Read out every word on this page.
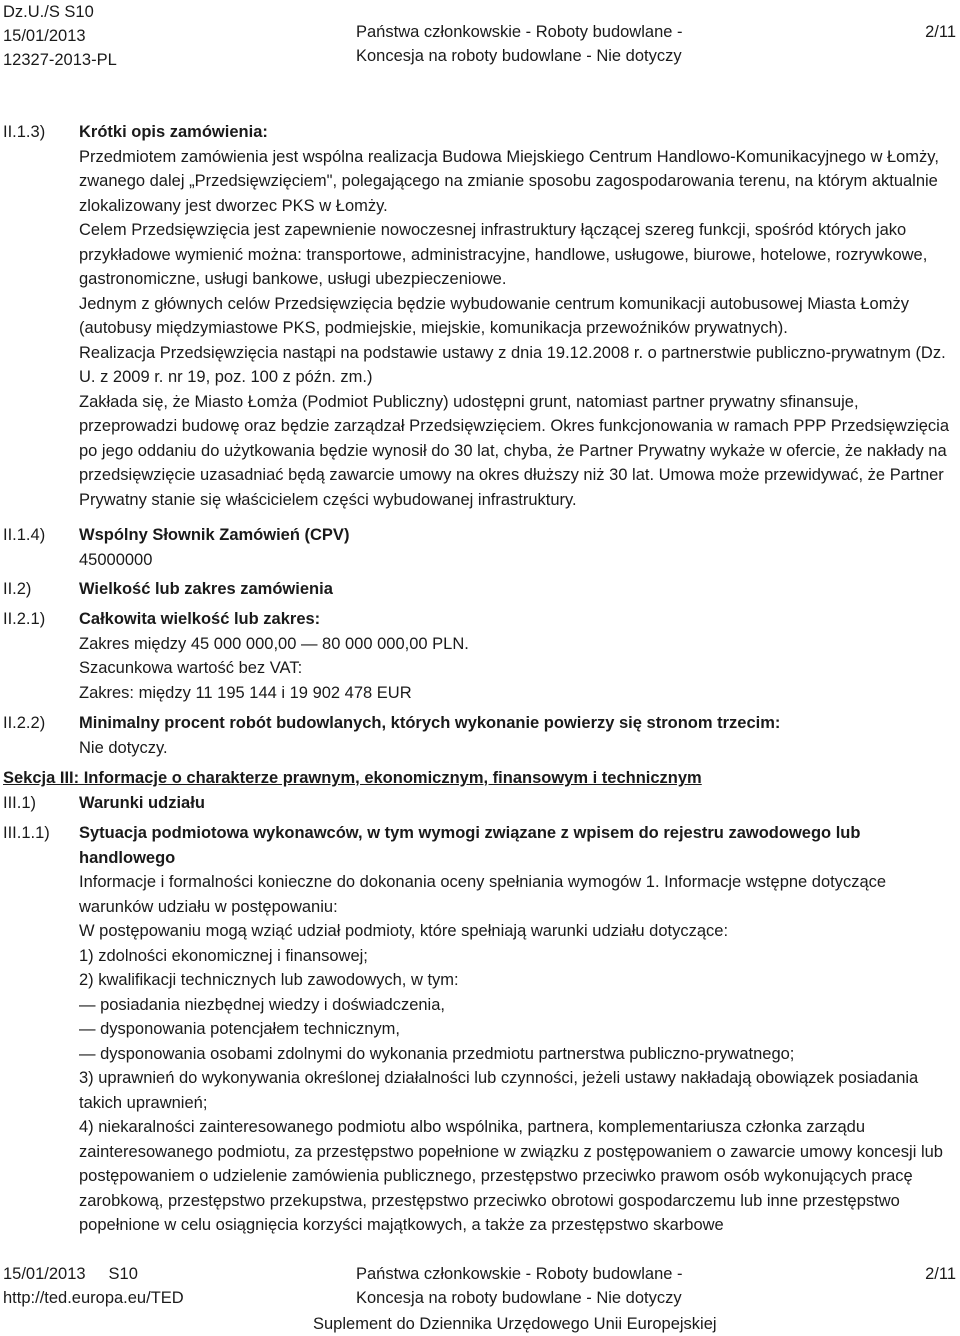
Dz.U./S S10
15/01/2013
12327-2013-PL
Państwa członkowskie - Roboty budowlane -
Koncesja na roboty budowlane - Nie dotyczy
2/11
II.1.3) Krótki opis zamówienia:

Przedmiotem zamówienia jest wspólna realizacja Budowa Miejskiego Centrum Handlowo-Komunikacyjnego w Łomży, zwanego dalej „Przedsięwzięciem", polegającego na zmianie sposobu zagospodarowania terenu, na którym aktualnie zlokalizowany jest dworzec PKS w Łomży.

Celem Przedsięwzięcia jest zapewnienie nowoczesnej infrastruktury łączącej szereg funkcji, spośród których jako przykładowe wymienić można: transportowe, administracyjne, handlowe, usługowe, biurowe, hotelowe, rozrywkowe, gastronomiczne, usługi bankowe, usługi ubezpieczeniowe.

Jednym z głównych celów Przedsięwzięcia będzie wybudowanie centrum komunikacji autobusowej Miasta Łomży (autobusy międzymiastowe PKS, podmiejskie, miejskie, komunikacja przewoźników prywatnych).

Realizacja Przedsięwzięcia nastąpi na podstawie ustawy z dnia 19.12.2008 r. o partnerstwie publiczno-prywatnym (Dz. U. z 2009 r. nr 19, poz. 100 z późn. zm.)

Zakłada się, że Miasto Łomża (Podmiot Publiczny) udostępni grunt, natomiast partner prywatny sfinansuje, przeprowadzi budowę oraz będzie zarządzał Przedsięwzięciem. Okres funkcjonowania w ramach PPP Przedsięwzięcia po jego oddaniu do użytkowania będzie wynosił do 30 lat, chyba, że Partner Prywatny wykaże w ofercie, że nakłady na przedsięwzięcie uzasadniać będą zawarcie umowy na okres dłuższy niż 30 lat. Umowa może przewidywać, że Partner Prywatny stanie się właścicielem części wybudowanej infrastruktury.

II.1.4) Wspólny Słownik Zamówień (CPV)

45000000

II.2)	Wielkość lub zakres zamówienia

II.2.1) Całkowita wielkość lub zakres:

Zakres między 45 000 000,00 — 80 000 000,00 PLN.

Szacunkowa wartość bez VAT:

Zakres: między 11 195 144 i 19 902 478 EUR

II.2.2) Minimalny procent robót budowlanych, których wykonanie powierzy się stronom trzecim:

Nie dotyczy.

Sekcja III: Informacje o charakterze prawnym, ekonomicznym, finansowym i technicznym
III.1)	Warunki udziału

III.1.1) Sytuacja podmiotowa wykonawców, w tym wymogi związane z wpisem do rejestru zawodowego lub handlowego

Informacje i formalności konieczne do dokonania oceny spełniania wymogów 1. Informacje wstępne dotyczące warunków udziału w postępowaniu:

W postępowaniu mogą wziąć udział podmioty, które spełniają warunki udziału dotyczące:

1) zdolności ekonomicznej i finansowej;

2) kwalifikacji technicznych lub zawodowych, w tym:

— posiadania niezbędnej wiedzy i doświadczenia,

— dysponowania potencjałem technicznym,

— dysponowania osobami zdolnymi do wykonania przedmiotu partnerstwa publiczno-prywatnego;

3) uprawnień do wykonywania określonej działalności lub czynności, jeżeli ustawy nakładają obowiązek posiadania takich uprawnień;

4) niekaralności zainteresowanego podmiotu albo wspólnika, partnera, komplementariusza członka zarządu zainteresowanego podmiotu, za przestępstwo popełnione w związku z postępowaniem o zawarcie umowy koncesji lub postępowaniem o udzielenie zamówienia publicznego, przestępstwo przeciwko prawom osób wykonujących pracę zarobkową, przestępstwo przekupstwa, przestępstwo przeciwko obrotowi gospodarczemu lub inne przestępstwo popełnione w celu osiągnięcia korzyści majątkowych, a także za przestępstwo skarbowe

15/01/2013 S10
http://ted.europa.eu/TED
Państwa członkowskie - Roboty budowlane -
Koncesja na roboty budowlane - Nie dotyczy
Suplement do Dziennika Urzędowego Unii Europejskiej
2/11
